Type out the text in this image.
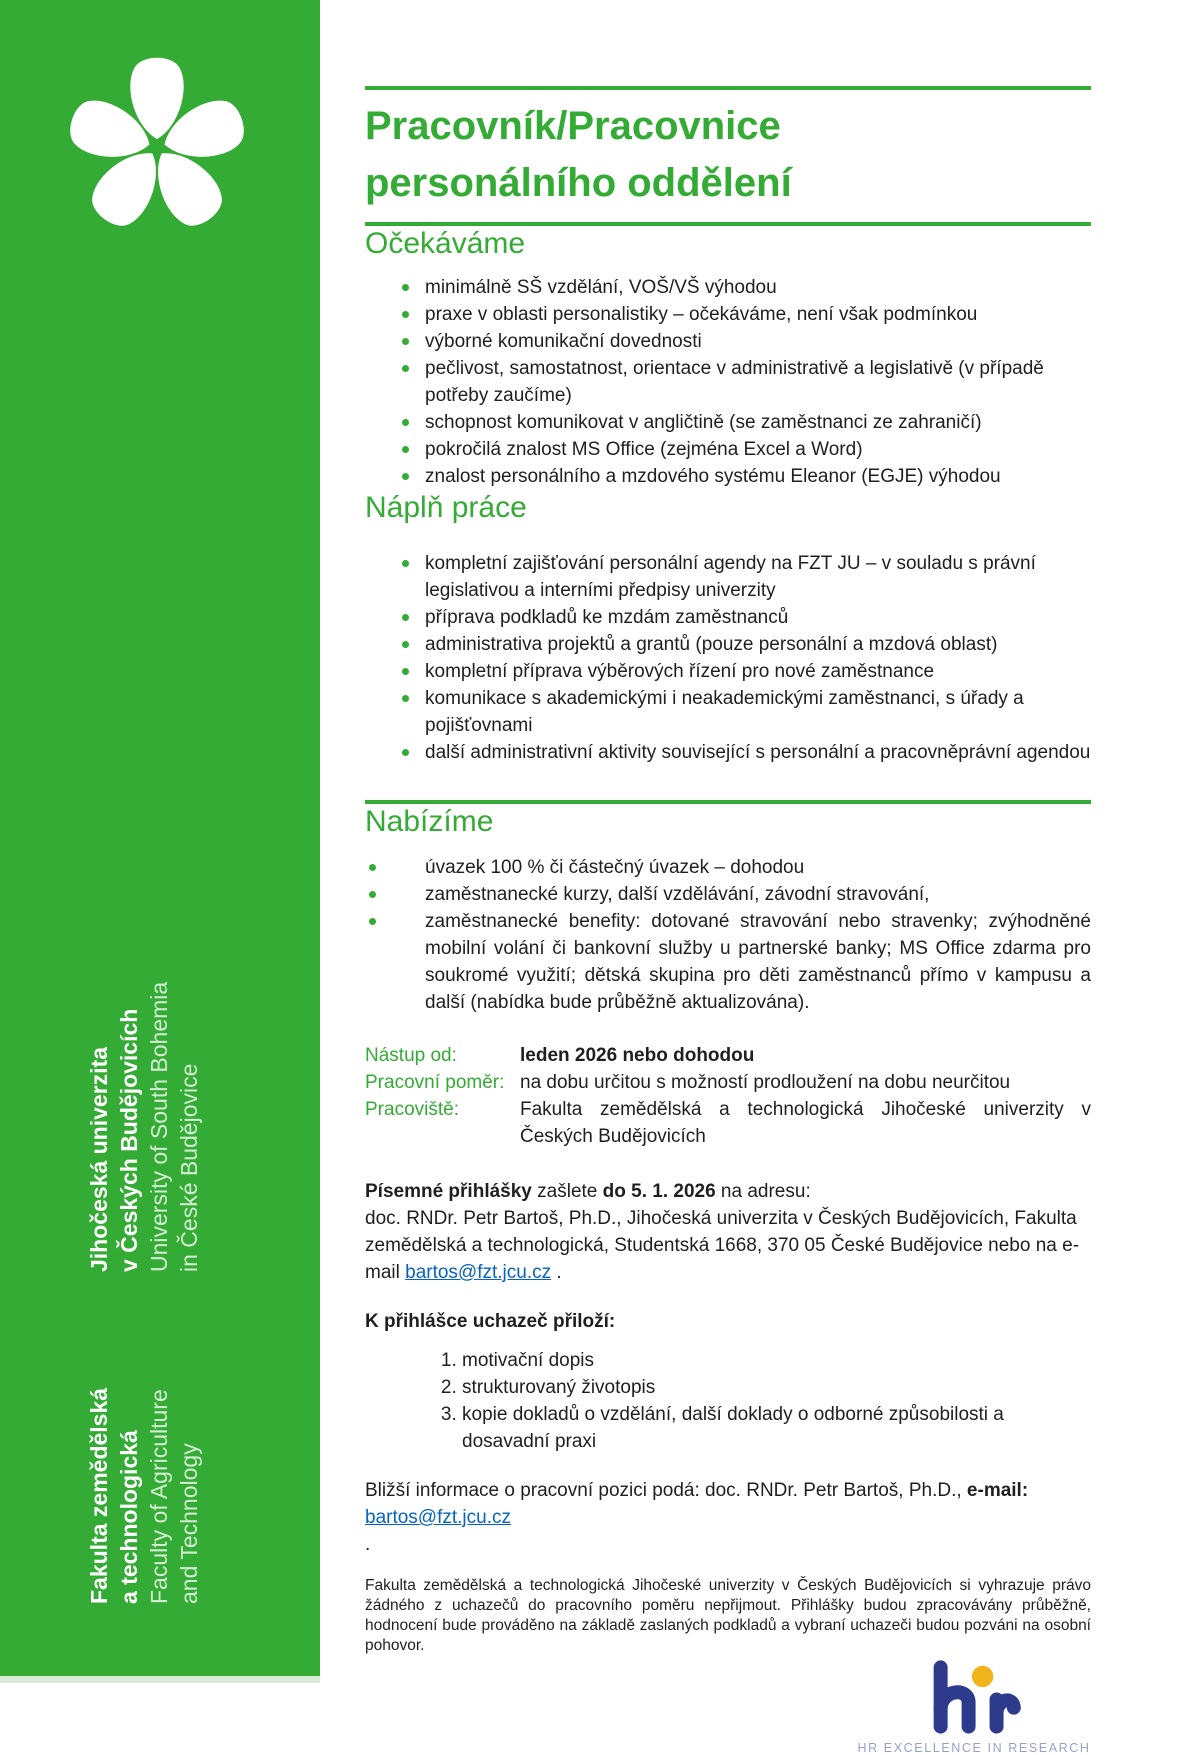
Jihočeská univerzita v Českých Budějovicích University of South Bohemia in České Budějovice
Fakulta zemědělská a technologická Faculty of Agriculture and Technology
Pracovník/Pracovnice
personálního oddělení
Očekáváme
minimálně SŠ vzdělání, VOŠ/VŠ výhodou
praxe v oblasti personalistiky – očekáváme, není však podmínkou
výborné komunikační dovednosti
pečlivost, samostatnost, orientace v administrativě a legislativě (v případě potřeby zaučíme)
schopnost komunikovat v angličtině (se zaměstnanci ze zahraničí)
pokročilá znalost MS Office (zejména Excel a Word)
znalost personálního a mzdového systému Eleanor (EGJE) výhodou
Náplň práce
kompletní zajišťování personální agendy na FZT JU – v souladu s právní legislativou a interními předpisy univerzity
příprava podkladů ke mzdám zaměstnanců
administrativa projektů a grantů (pouze personální a mzdová oblast)
kompletní příprava výběrových řízení pro nové zaměstnance
komunikace s akademickými i neakademickými zaměstnanci, s úřady a pojišťovnami
další administrativní aktivity související s personální a pracovněprávní agendou
Nabízíme
úvazek 100 % či částečný úvazek – dohodou
zaměstnanecké kurzy, další vzdělávání, závodní stravování,
zaměstnanecké benefity: dotované stravování nebo stravenky; zvýhodněné mobilní volání či bankovní služby u partnerské banky; MS Office zdarma pro soukromé využití; dětská skupina pro děti zaměstnanců přímo v kampusu a další (nabídka bude průběžně aktualizována).
Nástup od:	leden 2026 nebo dohodou
Pracovní poměr: na dobu určitou s možností prodloužení na dobu neurčitou
Pracoviště:	Fakulta zemědělská a technologická Jihočeské univerzity v Českých Budějovicích

Písemné přihlášky zašlete do 5. 1. 2026 na adresu:

doc. RNDr. Petr Bartoš, Ph.D., Jihočeská univerzita v Českých Budějovicích, Fakulta zemědělská a technologická, Studentská 1668, 370 05 České Budějovice nebo na e-mail bartos@fzt.jcu.cz .

K přihlášce uchazeč přiloží:

1. motivační dopis
2. strukturovaný životopis
3. kopie dokladů o vzdělání, další doklady o odborné způsobilosti a dosavadní praxi

Bližší informace o pracovní pozici podá: doc. RNDr. Petr Bartoš, Ph.D., e-mail: bartos@fzt.jcu.cz
.

Fakulta zemědělská a technologická Jihočeské univerzity v Českých Budějovicích si vyhrazuje právo žádného z uchazečů do pracovního poměru nepřijmout. Přihlášky budou zpracovávány průběžně, hodnocení bude prováděno na základě zaslaných podkladů a vybraní uchazeči budou pozváni na osobní pohovor.

HR EXCELLENCE IN RESEARCH
